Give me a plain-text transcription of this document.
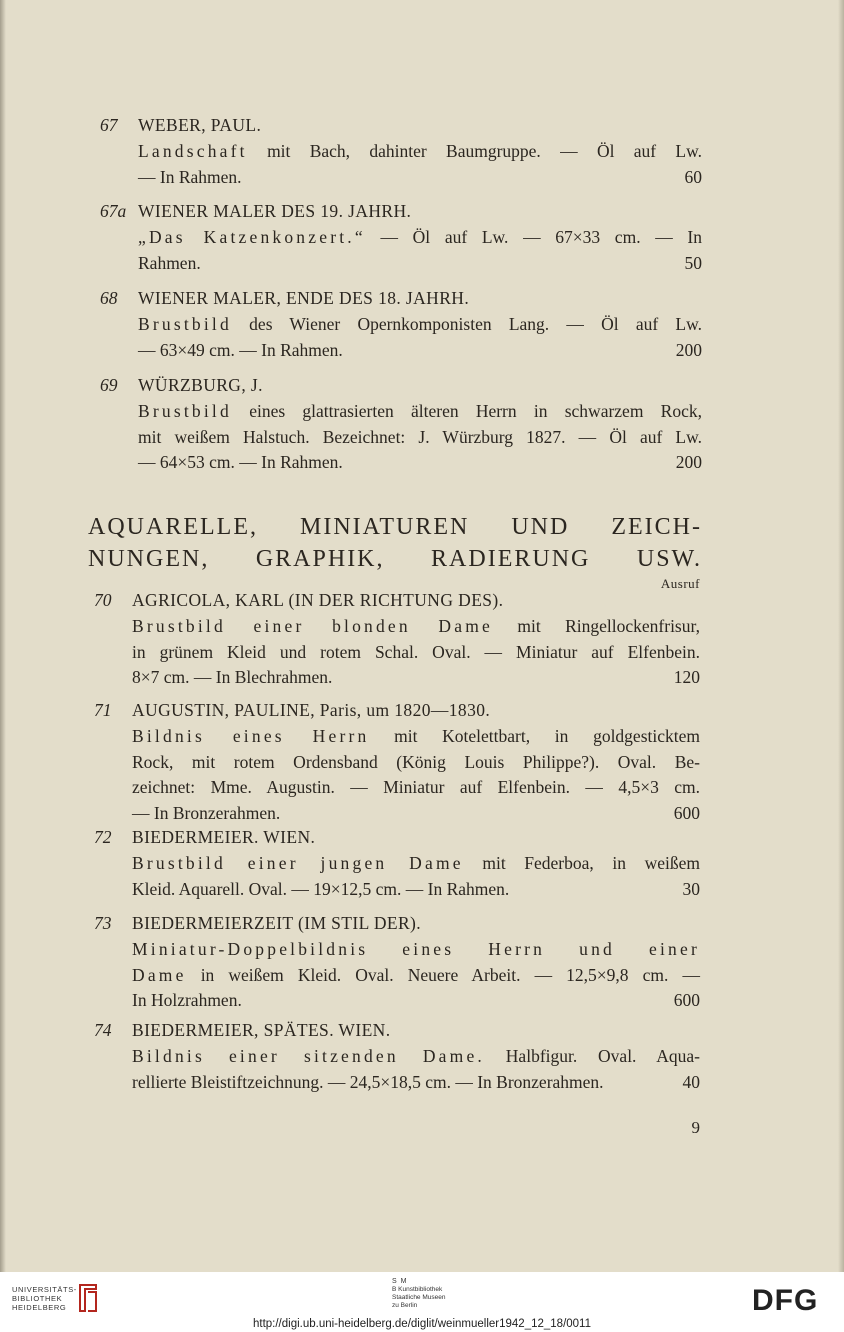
67 WEBER, PAUL.
Landschaft mit Bach, dahinter Baumgruppe. — Öl auf Lw.
— In Rahmen.	60
67a WIENER MALER DES 19. JAHRH.
„Das Katzenkonzert.“ — Öl auf Lw. — 67×33 cm. — In
Rahmen.	50
68 WIENER MALER, ENDE DES 18. JAHRH.
Brustbild des Wiener Opernkomponisten Lang. — Öl auf Lw.
— 63×49 cm. — In Rahmen.	200
69 WÜRZBURG, J.
Brustbild eines glattrasierten älteren Herrn in schwarzem Rock,
mit weißem Halstuch. Bezeichnet: J. Würzburg 1827. — Öl auf Lw.
— 64×53 cm. — In Rahmen.	200
70 AGRICOLA, KARL (IN DER RICHTUNG DES).
Brustbild einer blonden Dame mit Ringellockenfrisur,
in grünem Kleid und rotem Schal. Oval. — Miniatur auf Elfenbein.
8×7 cm. — In Blechrahmen.	120
71 AUGUSTIN, PAULINE, Paris, um 1820—1830.
Bildnis eines Herrn mit Kotelettbart, in goldgesticktem
Rock, mit rotem Ordensband (König Louis Philippe?). Oval. Be-
zeichnet: Mme. Augustin. — Miniatur auf Elfenbein. — 4,5×3 cm.
— In Bronzerahmen.	600
72 BIEDERMEIER. WIEN.
Brustbild einer jungen Dame mit Federboa, in weißem
Kleid. Aquarell. Oval. — 19×12,5 cm. — In Rahmen.	30
73 BIEDERMEIERZEIT (IM STIL DER).
Miniatur-Doppelbildnis eines Herrn und einer
Dame in weißem Kleid. Oval. Neuere Arbeit. — 12,5×9,8 cm. —
In Holzrahmen.	600
74 BIEDERMEIER, SPÄTES. WIEN.
Bildnis einer sitzenden Dame. Halbfigur. Oval. Aqua-
rellierte Bleistiftzeichnung. — 24,5×18,5 cm. — In Bronzerahmen.	40
AQUARELLE, MINIATUREN UND ZEICH-
NUNGEN, GRAPHIK, RADIERUNG USW.
Ausruf
9
UNIVERSITÄTS-
BIBLIOTHEK
HEIDELBERG
S M
B Kunstbibliothek
Staatliche Museen
zu Berlin	DFG
http://digi.ub.uni-heidelberg.de/diglit/weinmueller1942_12_18/0011
